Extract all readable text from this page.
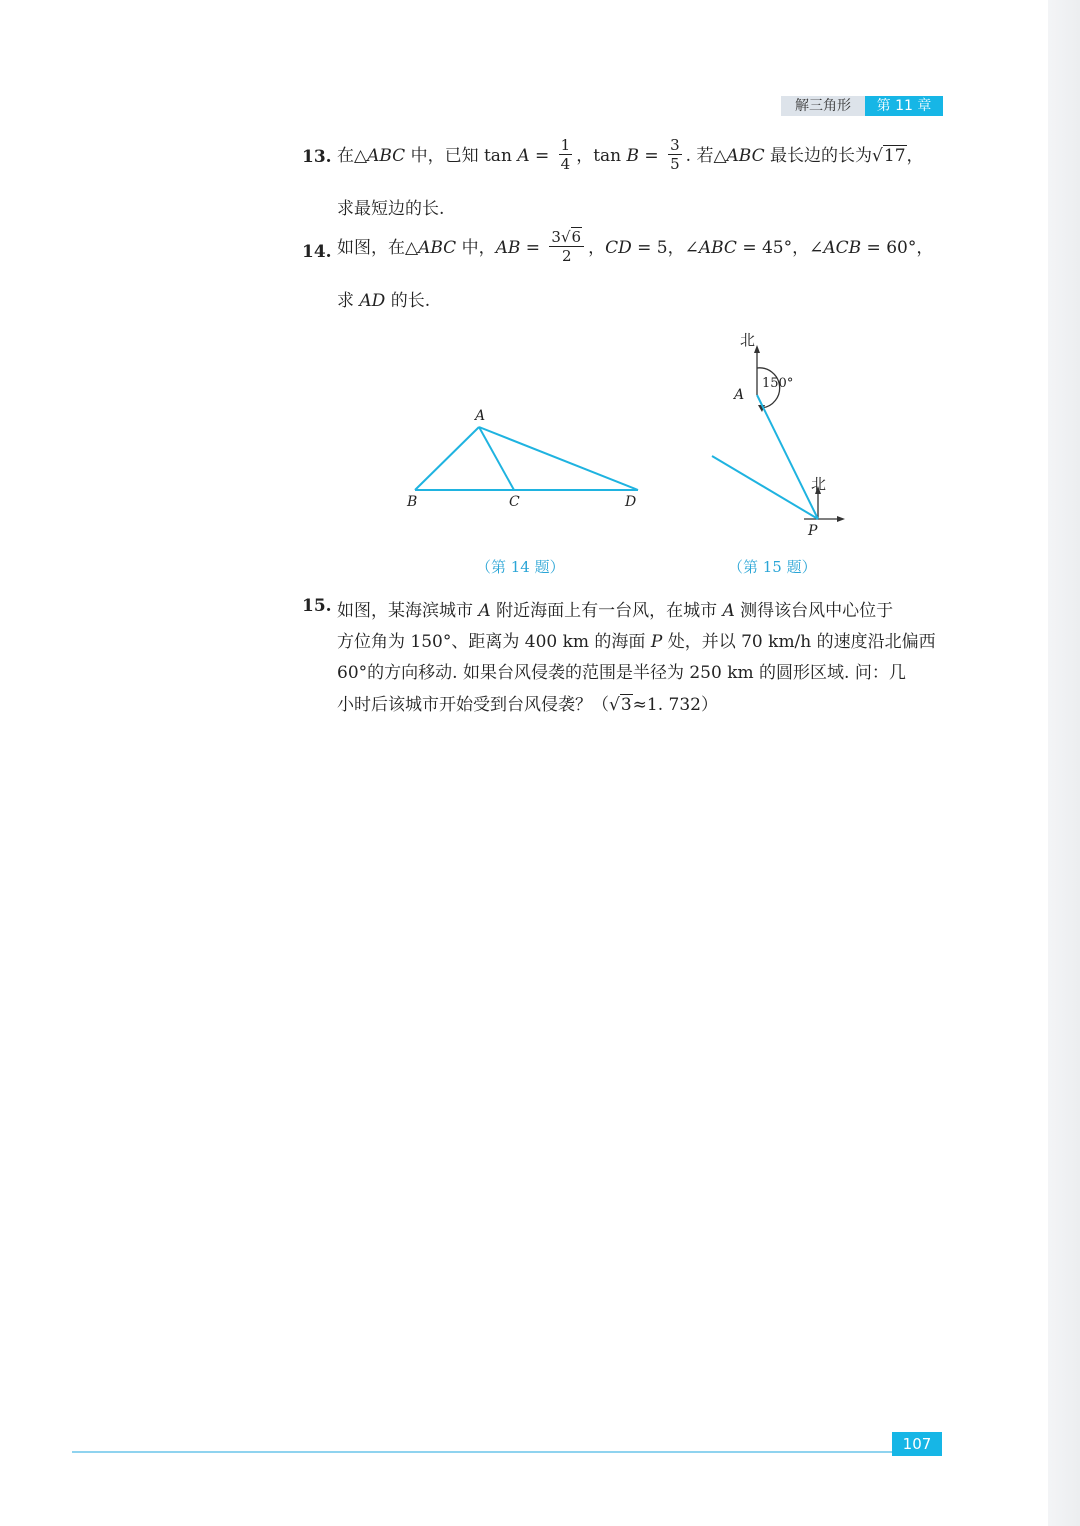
解三角形	第 11 章
13. 在△ABC 中，已知 $\tan A = \frac{1}{4}$ ，$\tan B = \frac{3}{5}$ . 若△ABC 最长边的长为√17，
求最短边的长.
14. 如图，在△ABC 中，AB = $\frac{3√6}{2}$ ，CD = 5，∠ABC = 45°，∠ACB = 60°，
求 AD 的长.
A
B	C	D
（第 14 题）
北
北
A
P
150°
（第 15 题）
15. 如图，某海滨城市 A 附近海面上有一台风，在城市 A 测得该台风中心位于
方位角为 150°、距离为 400 km 的海面 P 处，并以 70 km/h 的速度沿北偏西
60°的方向移动. 如果台风侵袭的范围是半径为 250 km 的圆形区域. 问：几
小时后该城市开始受到台风侵袭？（√3≈1. 732）
107
